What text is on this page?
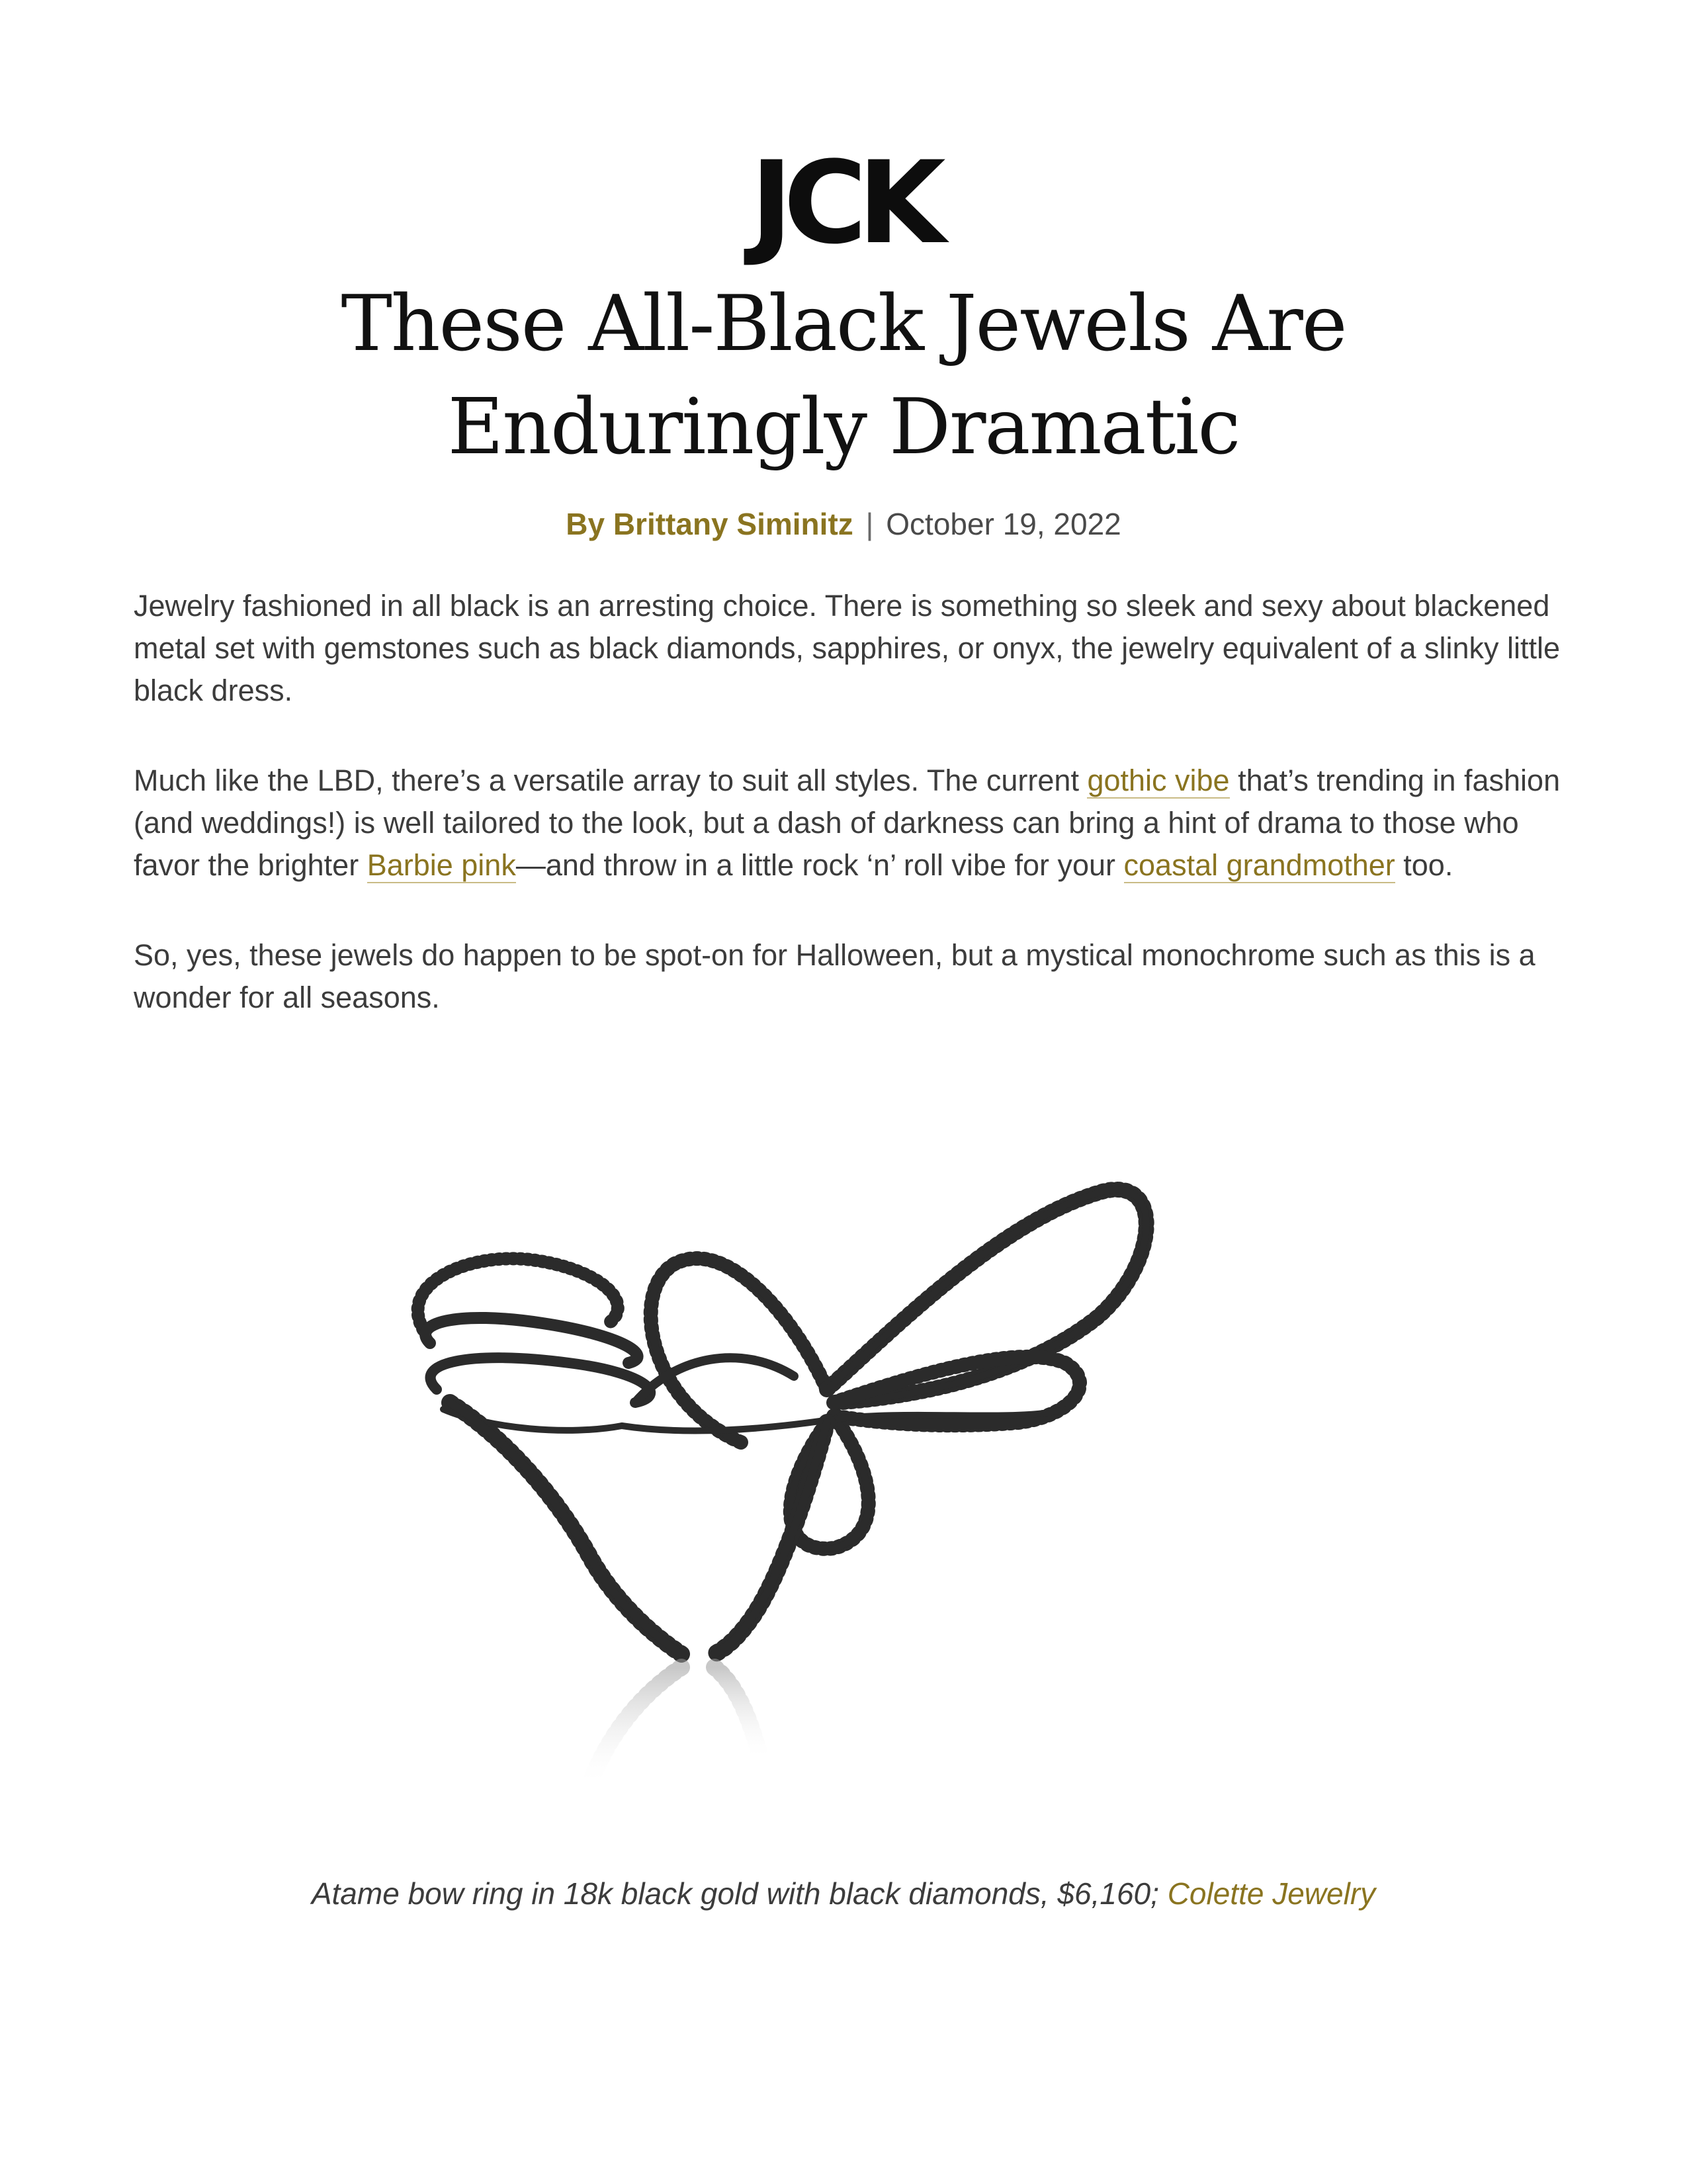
JCK
These All-Black Jewels Are Enduringly Dramatic
By Brittany Siminitz | October 19, 2022

Jewelry fashioned in all black is an arresting choice. There is something so sleek and sexy about blackened metal set with gemstones such as black diamonds, sapphires, or onyx, the jewelry equivalent of a slinky little black dress.

Much like the LBD, there’s a versatile array to suit all styles. The current gothic vibe that’s trending in fashion (and weddings!) is well tailored to the look, but a dash of darkness can bring a hint of drama to those who favor the brighter Barbie pink—and throw in a little rock ‘n’ roll vibe for your coastal grandmother too.

So, yes, these jewels do happen to be spot-on for Halloween, but a mystical monochrome such as this is a wonder for all seasons.

Atame bow ring in 18k black gold with black diamonds, $6,160; Colette Jewelry
